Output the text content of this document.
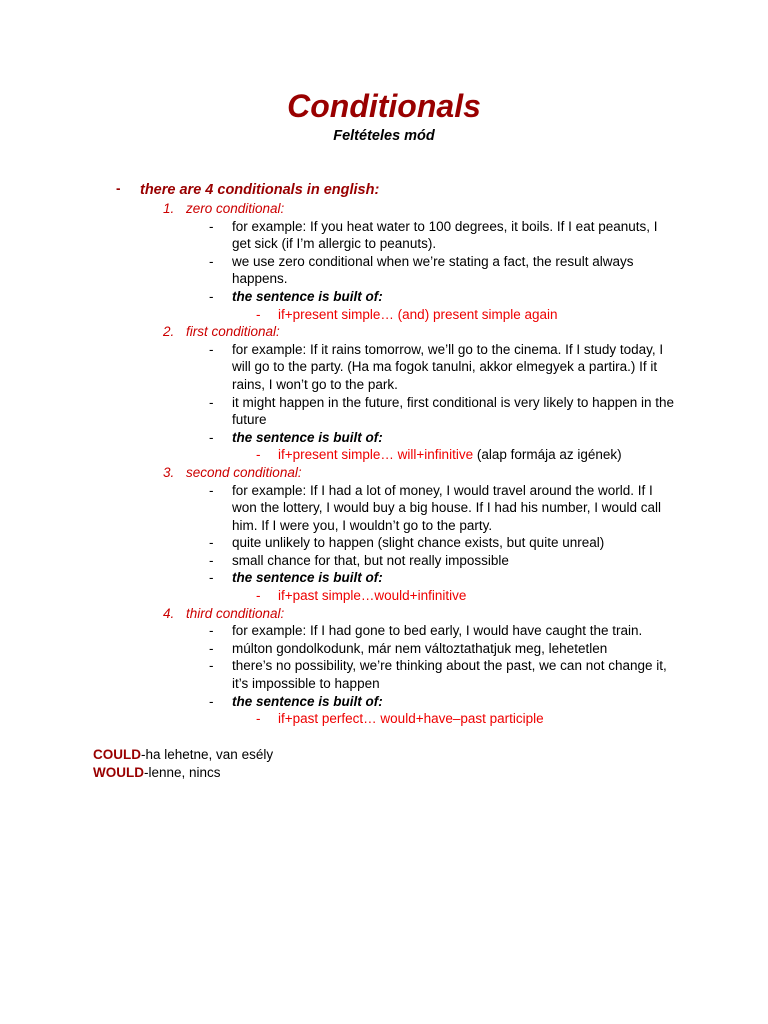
Conditionals
Feltételes mód
- there are 4 conditionals in english:
1. zero conditional:
- for example: If you heat water to 100 degrees, it boils. If I eat peanuts, I get sick (if I’m allergic to peanuts).
- we use zero conditional when we’re stating a fact, the result always happens.
- the sentence is built of:
- if+present simple… (and) present simple again
2. first conditional:
- for example: If it rains tomorrow, we’ll go to the cinema. If I study today, I will go to the party. (Ha ma fogok tanulni, akkor elmegyek a partira.) If it rains, I won’t go to the park.
- it might happen in the future, first conditional is very likely to happen in the future
- the sentence is built of:
- if+present simple… will+infinitive (alap formája az igének)
3. second conditional:
- for example: If I had a lot of money, I would travel around the world. If I won the lottery, I would buy a big house. If I had his number, I would call him. If I were you, I wouldn’t go to the party.
- quite unlikely to happen (slight chance exists, but quite unreal)
- small chance for that, but not really impossible
- the sentence is built of:
- if+past simple…would+infinitive
4. third conditional:
- for example: If I had gone to bed early, I would have caught the train.
- múlton gondolkodunk, már nem változtathatjuk meg, lehetetlen
- there’s no possibility, we’re thinking about the past, we can not change it, it’s impossible to happen
- the sentence is built of:
- if+past perfect… would+have–past participle
COULD-ha lehetne, van esély
WOULD-lenne, nincs
